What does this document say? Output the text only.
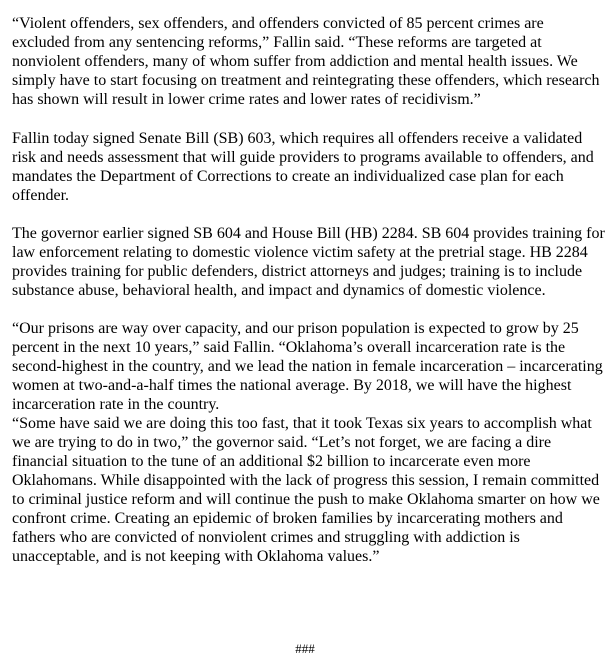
“Violent offenders, sex offenders, and offenders convicted of 85 percent crimes are
excluded from any sentencing reforms,” Fallin said. “These reforms are targeted at
nonviolent offenders, many of whom suffer from addiction and mental health issues. We
simply have to start focusing on treatment and reintegrating these offenders, which research
has shown will result in lower crime rates and lower rates of recidivism.”
Fallin today signed Senate Bill (SB) 603, which requires all offenders receive a validated
risk and needs assessment that will guide providers to programs available to offenders, and
mandates the Department of Corrections to create an individualized case plan for each
offender.
The governor earlier signed SB 604 and House Bill (HB) 2284. SB 604 provides training for
law enforcement relating to domestic violence victim safety at the pretrial stage. HB 2284
provides training for public defenders, district attorneys and judges; training is to include
substance abuse, behavioral health, and impact and dynamics of domestic violence.
“Our prisons are way over capacity, and our prison population is expected to grow by 25
percent in the next 10 years,” said Fallin. “Oklahoma’s overall incarceration rate is the
second-highest in the country, and we lead the nation in female incarceration – incarcerating
women at two-and-a-half times the national average. By 2018, we will have the highest
incarceration rate in the country.
“Some have said we are doing this too fast, that it took Texas six years to accomplish what
we are trying to do in two,” the governor said. “Let’s not forget, we are facing a dire
financial situation to the tune of an additional $2 billion to incarcerate even more
Oklahomans. While disappointed with the lack of progress this session, I remain committed
to criminal justice reform and will continue the push to make Oklahoma smarter on how we
confront crime. Creating an epidemic of broken families by incarcerating mothers and
fathers who are convicted of nonviolent crimes and struggling with addiction is
unacceptable, and is not keeping with Oklahoma values.”
###
